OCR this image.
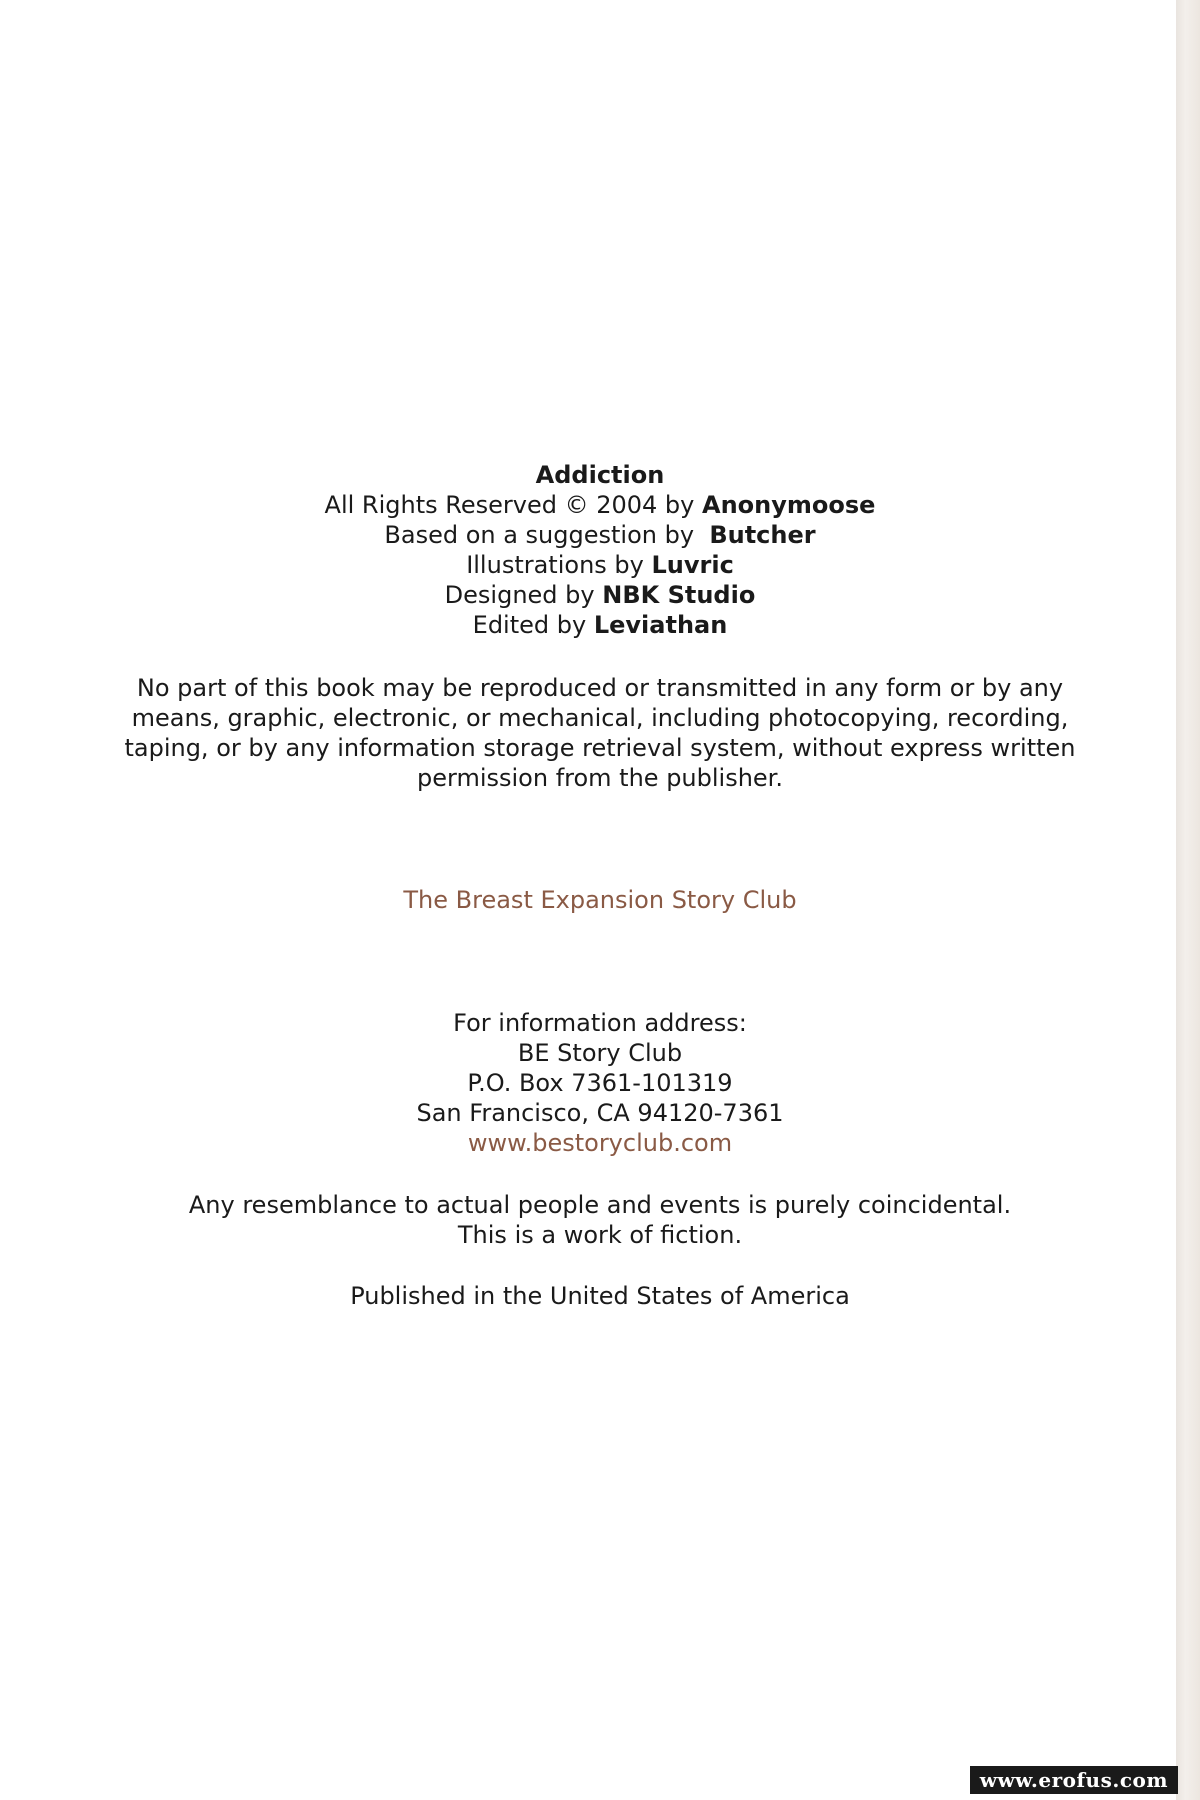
Addiction
All Rights Reserved © 2004 by Anonymoose
Based on a suggestion by Butcher
Illustrations by Luvric
Designed by NBK Studio
Edited by Leviathan
No part of this book may be reproduced or transmitted in any form or by any
means, graphic, electronic, or mechanical, including photocopying, recording,
taping, or by any information storage retrieval system, without express written
permission from the publisher.
The Breast Expansion Story Club
For information address:
BE Story Club
P.O. Box 7361-101319
San Francisco, CA 94120-7361
www.bestoryclub.com
Any resemblance to actual people and events is purely coincidental.
This is a work of fiction.
Published in the United States of America
www.erofus.com
